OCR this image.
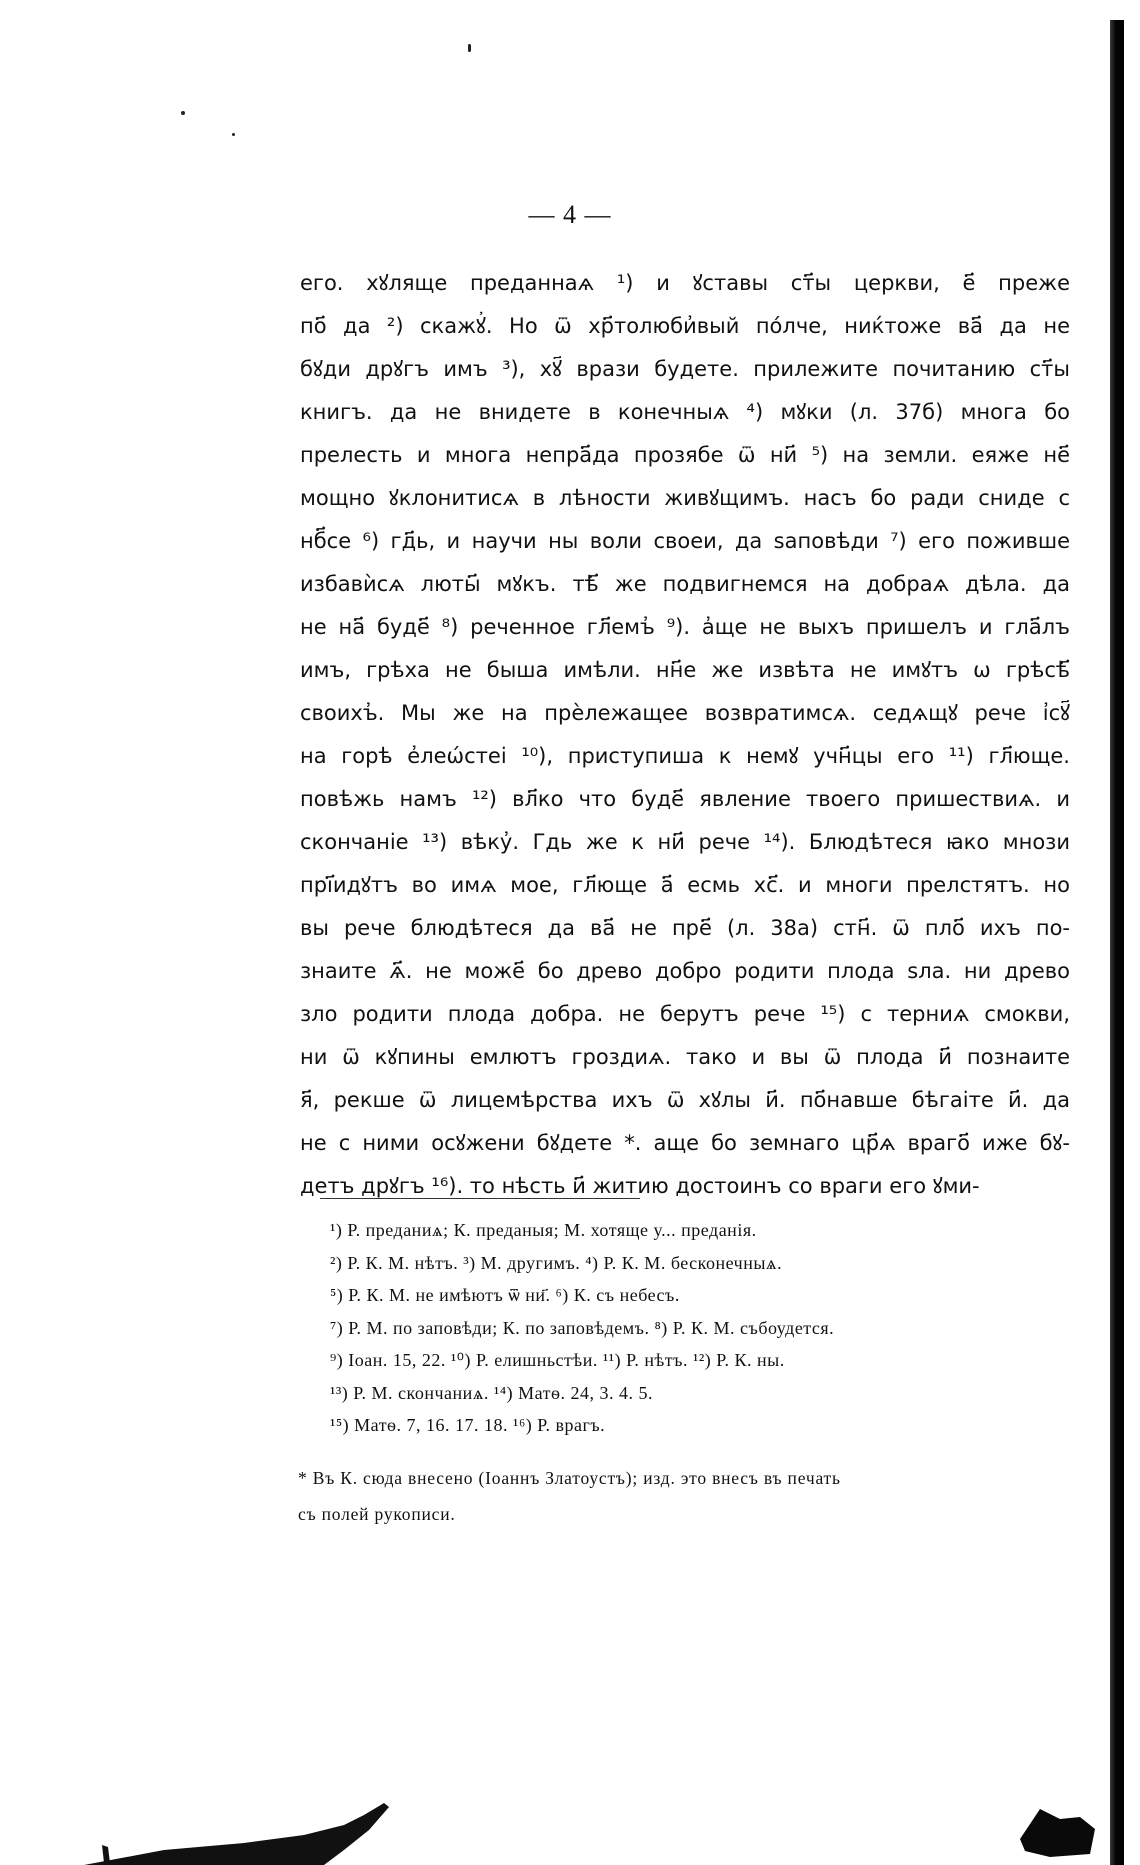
— 4 —
его. хꙋляще преданнаѧ ¹) и ꙋставы ст҃ы церкви, е҃ преже
по҃ да ²) скажꙋ҆. Но ѿ хр҃толюби҆вый по́лче, ниќтоже ва҃ да не
бꙋди дрꙋгъ имъ ³), хꙋ҃ врази будете. прилежите почитанию ст҃ы
книгъ. да не внидете в конечныѧ ⁴) мꙋки (л. 37б) многа бо
прелесть и многа непра҃да прозябе ѿ ни҃ ⁵) на земли. еяже не҃
мощно ꙋклонитисѧ в лѣности живꙋщимъ. насъ бо ради сниде с
нб҃се ⁶) гд҃ь, и научи ны воли своеи, да ѕаповѣди ⁷) его поживше
избавѝсѧ люты҃ мꙋкъ. тѣ҃ же подвигнемся на добраѧ дѣла. да
не на҃ буде҃ ⁸) реченное гл҃емъ҆ ⁹). а҆ще не выхъ пришелъ и гла҃лъ
имъ, грѣха не быша имѣли. нн҃е же извѣта не имꙋтъ ѡ грѣсѣ҃
своихъ҆. Мы же на прѐлежащее возвратимсѧ. седѧщꙋ рече і҆сꙋ҃
на горѣ е҆леѡ́стеі ¹⁰), приступиша к немꙋ учн҃цы его ¹¹) гл҃юще.
повѣжь намъ ¹²) вл҃ко что буде҃ явление твоего пришествиѧ. и
скончаніе ¹³) вѣку҆. Гдь же к ни҃ рече ¹⁴). Блюдѣтеся ꙗко мнози
прі҃идꙋтъ во имѧ мое, гл҃юще а҃ есмь хс҃. и многи прелстятъ. но
вы рече блюдѣтеся да ва҃ не пре҃ (л. 38а) стн҃. ѿ пло҃ ихъ по-
знаите ѧ҃. не може҃ бо древо добро родити плода ѕла. ни древо
зло родити плода добра. не берутъ рече ¹⁵) с терниѧ смокви,
ни ѿ кꙋпины емлютъ гроздиѧ. тако и вы ѿ плода и҃ познаите
я҃, рекше ѿ лицемѣрства ихъ ѿ хꙋлы и҃. по҃навше бѣгаіте и҃. да
не с ними осꙋжени бꙋдете *. аще бо земнаго цр҃ѧ враго҃ иже бꙋ-
детъ дрꙋгъ ¹⁶). то нѣсть и҃ житию достоинъ со враги его ꙋми-
¹) Р. преданиѧ; К. преданыя; М. хотяще у... преданія.
²) Р. К. М. нѣтъ. ³) М. другимъ. ⁴) Р. К. М. бесконечныѧ.
⁵) Р. К. М. не имѣютъ ѿ ни҃. ⁶) К. съ небесъ.
⁷) Р. М. по заповѣди; К. по заповѣдемъ. ⁸) Р. К. М. събоудется.
⁹) Іоан. 15, 22. ¹⁰) Р. елишньстѣи. ¹¹) Р. нѣтъ. ¹²) Р. К. ны.
¹³) Р. М. скончаниѧ. ¹⁴) Матѳ. 24, 3. 4. 5.
¹⁵) Матѳ. 7, 16. 17. 18. ¹⁶) Р. врагъ.
* Въ К. сюда внесено (Іоаннъ Златоустъ); изд. это внесъ въ печать
съ полей рукописи.
